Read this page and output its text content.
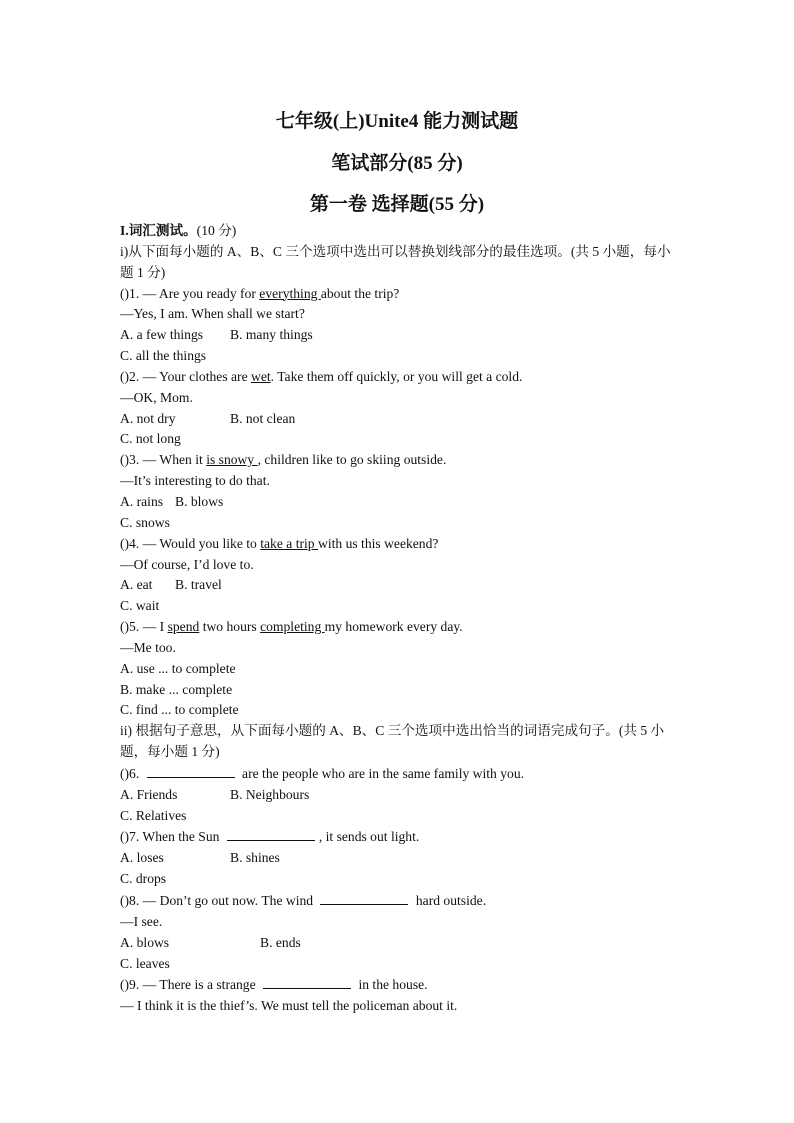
七年级(上)Unite4 能力测试题

笔试部分(85 分)

第一卷 选择题(55 分)

I.词汇测试。(10 分)
i)从下面每小题的 A、B、C 三个选项中选出可以替换划线部分的最佳选项。(共 5 小题，每小题 1 分)
()1. — Are you ready for everything about the trip?
—Yes, I am. When shall we start?
A. a few things B. many things
C. all the things
()2. — Your clothes are wet. Take them off quickly, or you will get a cold.
—OK, Mom.
A. not dry	B. not clean
C. not long
()3. — When it is snowy , children like to go skiing outside.
—It’s interesting to do that.
A. rains B. blows
C. snows
()4. — Would you like to take a trip with us this weekend?
—Of course, I’d love to.
A. eat B. travel
C. wait
()5. — I spend two hours completing my homework every day.
—Me too.
A. use ... to complete
B. make ... complete
C. find ... to complete
ii) 根据句子意思，从下面每小题的 A、B、C 三个选项中选出恰当的词语完成句子。(共 5 小题，每小题 1 分)
()6.	are the people who are in the same family with you.
A. Friends	B. Neighbours
C. Relatives
()7. When the Sun	, it sends out light.
A. loses	B. shines
C. drops
()8. — Don’t go out now. The wind	hard outside.
—I see.
A. blows	B. ends
C. leaves
()9. — There is a strange	in the house.
— I think it is the thief’s. We must tell the policeman about it.
